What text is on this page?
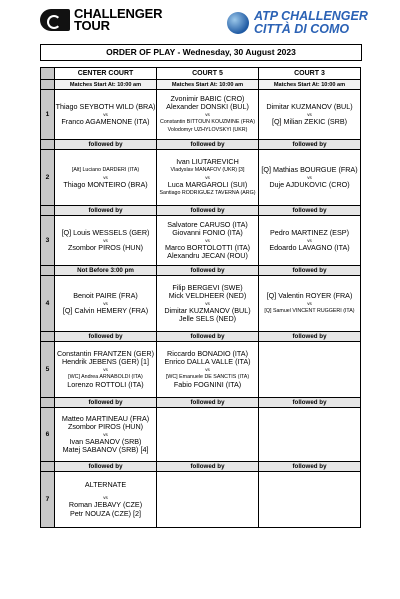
CHALLENGER
TOUR
ATP CHALLENGER
CITTÀ DI COMO
ORDER OF PLAY - Wednesday, 30 August 2023
	CENTER COURT	COURT 5	COURT 3
	Matches Start At: 10:00 am	Matches Start At: 10:00 am	Matches Start At: 10:00 am
1	Thiago SEYBOTH WILD (BRA)
vs
Franco AGAMENONE (ITA)	Zvonimir BABIC (CRO)
Alexander DONSKI (BUL)
vs
Constantin BITTOUN KOUZMINE (FRA)
Volodomyr UZHYLOVSKYI (UKR)	Dimitar KUZMANOV (BUL)
vs
[Q] Milian ZEKIC (SRB)

	followed by	followed by	followed by
2	[Alt] Luciano DARDERI (ITA)
vs
Thiago MONTEIRO (BRA)	Ivan LIUTAREVICH
Vladyslav MANAFOV (UKR) [3]
vs
Luca MARGAROLI (SUI)
Santiago RODRIGUEZ TAVERNA (ARG)	[Q] Mathias BOURGUE (FRA)
vs
Duje AJDUKOVIC (CRO)

	followed by	followed by	followed by
3	[Q] Louis WESSELS (GER)
vs
Zsombor PIROS (HUN)	Salvatore CARUSO (ITA)
Giovanni FONIO (ITA)
vs
Marco BORTOLOTTI (ITA)
Alexandru JECAN (ROU)	Pedro MARTINEZ (ESP)
vs
Edoardo LAVAGNO (ITA)

	Not Before 3:00 pm	followed by	followed by
4	Benoit PAIRE (FRA)
vs
[Q] Calvin HEMERY (FRA)	Filip BERGEVI (SWE)
Mick VELDHEER (NED)
vs
Dimitar KUZMANOV (BUL)
Jelle SELS (NED)	[Q] Valentin ROYER (FRA)
vs
[Q] Samuel VINCENT RUGGERI (ITA)

	followed by	followed by	followed by
5	Constantin FRANTZEN (GER)
Hendrik JEBENS (GER) [1]
vs
[WC] Andrea ARNABOLDI (ITA)
Lorenzo ROTTOLI (ITA)	Riccardo BONADIO (ITA)
Enrico DALLA VALLE (ITA)
vs
[WC] Emanuele DE SANCTIS (ITA)
Fabio FOGNINI (ITA)	

	followed by	followed by	followed by
6	Matteo MARTINEAU (FRA)
Zsombor PIROS (HUN)
vs
Ivan SABANOV (SRB)
Matej SABANOV (SRB) [4]		

	followed by	followed by	followed by
7	ALTERNATE

vs
Roman JEBAVY (CZE)
Petr NOUZA (CZE) [2]		
